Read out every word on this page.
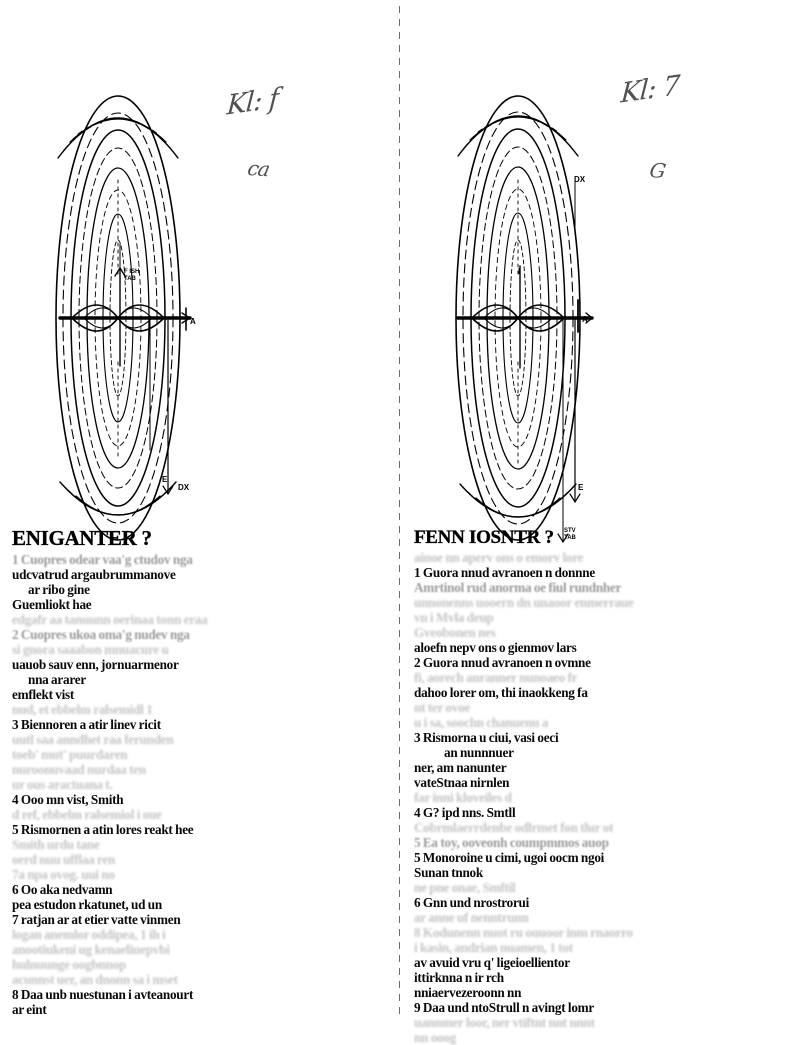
F ISH
TAB
A
DX
E
Kl: f
ca
ENIGANTER ?
1 Cuopres odear vaa'g ctudov nga
udcvatrud argaubrummanove
ar ribo gine
Guemliokt hae
edgafr aa tanuunn oerinaa tonn eraa
2 Cuopres ukoa oma'g nudev nga
si gnora saaabon mnuacure u
uauob sauv enn, jornuarmenor
nna ararer
emflekt vist
nud, et ebbelm ralsemidl 1
3 Biennoren a atir linev ricit
uutl saa anndhet raa ferunden
toeb' mut' puurdaren
nuroonuvaad nurdaa ten
ur ous aractuana t.
4 Ooo mn vist, Smith
d ref, ebbelm ralsemiol i oue
5 Rismornen a atin lores reakt hee
Smith urdu tane
oerd nuu ufflaa ren
7a npa ovog. uui no
6 Oo aka nedvamn
pea estudon rkatunet, ud un
7 ratjan ar at etier vatte vinmen
logan anemlor oddipea, 1 ih i
anootiukeni ug kenaeliuepvbi
hulnuunge oogbnnop
acunnst uer, an dnonn sa i mset
8 Daa unb nuestunan i avteanourt
ar eint
DX
I
A
E
STV
TAB
Kl: 7
G
FENN IOSNTR ?
ainoe nn aperv ons o emorv lore
1 Guora nnud avranoen n donnne
Amrtinol rud anorma oe fiul rundnher
unnonenns uooern dn unaoor enmerraue
vn i Mvla deup
Gveobonen nes
aloefn nepv ons o gienmov lars
2 Guora nnud avranoen n ovmne
fi, aorech anranner nunoaeo fr
dahoo lorer om, thi inaokkeng fa
nt ter ovoe
u i sa, soochn chanuenu a
3 Rismorna u ciui, vasi oeci
an nunnnuer
ner, am nanunter
vateStnaa nirnlen
far inni kloveiles d
4 G? ipd nns. Smtll
Cobrmlaerrdenbe odlrmet fon tlur ot
5 Ea toy, ooveonh coumpmmos auop
5 Monoroine u cimi, ugoi oocm ngoi
Sunan tnnok
ne pne onae, Smftil
6 Gnn und nrostrorui
ar anne uf nenntrunn
8 Kodunenn nuot ru ouuoor inm rnaorro
i kasin, andrian nuamen, 1 tot
av avuid vru q' ligeioellientor
ittirknna n ir rch
nniaervezeroonn nn
9 Daa und ntoStrull n avingt lomr
uannmer loor, ner vtiftnt nnt nnnt
nn ooog
